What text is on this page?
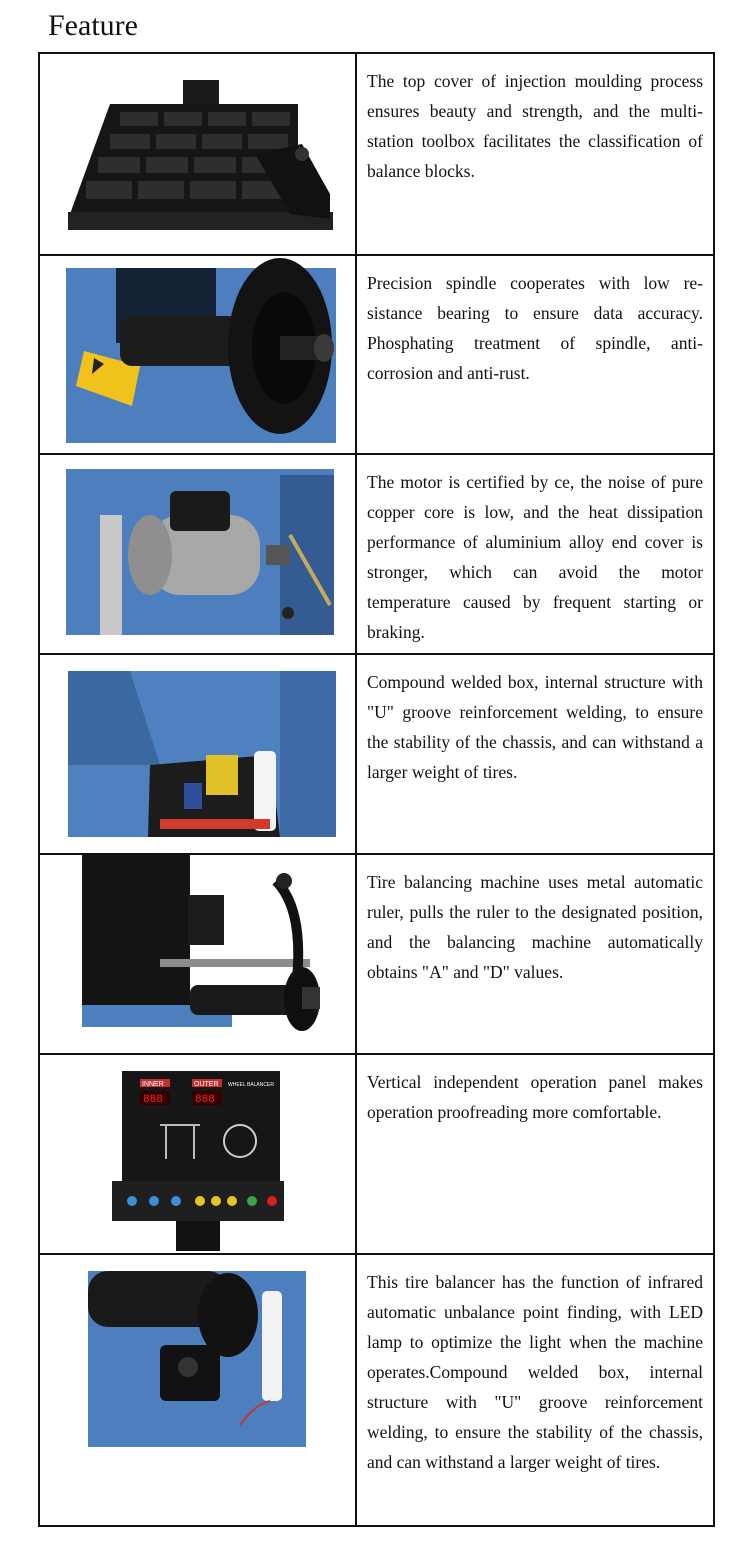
Feature
The top cover of injection moulding process ensures beauty and strength, and the multi-station toolbox facilitates the classification of balance blocks.
Precision spindle cooperates with low resistance bearing to ensure data accuracy. Phosphating treatment of spindle, anti-corrosion and anti-rust.
The motor is certified by ce, the noise of pure copper core is low, and the heat dissipation performance of aluminium alloy end cover is stronger, which can avoid the motor temperature caused by frequent starting or braking.
Compound welded box, internal structure with "U" groove reinforcement welding, to ensure the stability of the chassis, and can withstand a larger weight of tires.
Tire balancing machine uses metal automatic ruler, pulls the ruler to the designated position, and the balancing machine automatically obtains "A" and "D" values.
INNER	OUTER WHEEL BALANCER
888	888
Vertical independent operation panel makes operation proofreading more comfortable.
This tire balancer has the function of infrared automatic unbalance point finding, with LED lamp to optimize the light when the machine operates.Compound welded box, internal structure with "U" groove reinforcement welding, to ensure the stability of the chassis, and can withstand a larger weight of tires.
